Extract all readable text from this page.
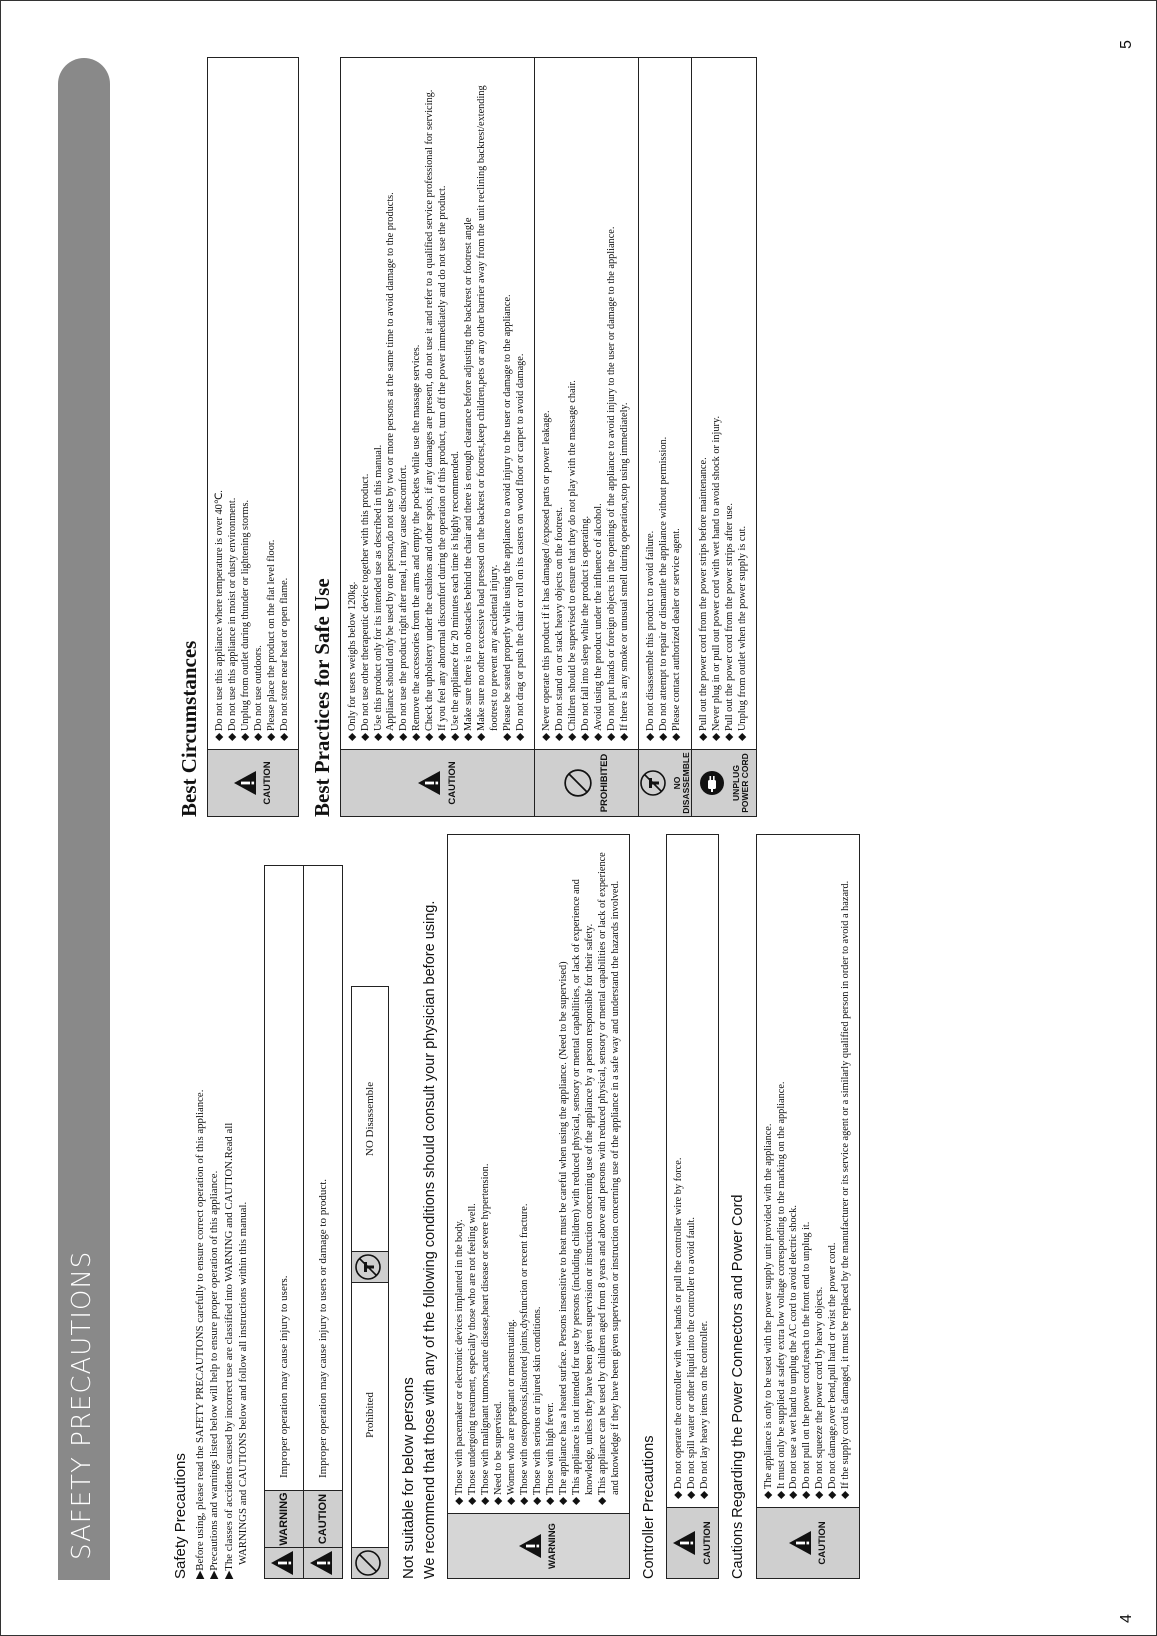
4
5
SAFETY PRECAUTIONS	Safety Precautions ▶Before using, please read the SAFETY PRECAUTIONS carefully to ensure correct operation of this appliance. ▶Precautions and warnings listed below will help to ensure proper operation of this appliance. ▶The classes of accidents caused by incorrect use are classified into WARNING and CAUTION.Read all WARNINGS and CAUTIONS below and follow all instructions within this manual.
		WARNING	Improper operation may cause injury to users.
	CAUTION	Improper operation may cause injury to users or damage to product.
		Prohibited		NO Disassemble
Not suitable for below persons We recommend that those with any of the following conditions should consult your physician before using.	WARNING
◆Those with pacemaker or electronic devices implanted in the body.
◆Those undergoing treatment, especially those who are not feeling well.
◆Those with malignant tumors,acute disease,heart disease or severe hypertension.
◆Need to be supervised.
◆Women who are pregnant or menstruating.
◆Those with osteoporosis,distorted joints,dysfunction or recent fracture.
◆Those with serious or injured skin conditions.
◆Those with high fever.
◆The appliance has a heated surface. Persons insensitive to heat must be careful when using the appliance. (Need to be supervised)
◆This appliance is not intended for use by persons (including children) with reduced physical, sensory or mental capabilities, or lack of experience and knowledge, unless they have been given supervision or instruction concerning use of the appliance by a person responsible for their safety.
◆This appliance can be used by children aged from 8 years and above and persons with reduced physical, sensory or mental capabilities or lack of experience and knowledge if they have been given supervision or instruction concerning use of the appliance in a safe way and understand the hazards involved.
Controller Precautions	CAUTION
◆Do not operate the controller with wet hands or pull the controller wire by force.
◆Do not spill water or other liquid into the controller to avoid fault.
◆Do not lay heavy items on the controller. Cautions Regarding the Power Connectors and Power Cord	CAUTION
◆The appliance is only to be used with the power supply unit provided with the appliance.
◆It must only be supplied at safety extra low voltage corresponding to the marking on the appliance.
◆Do not use a wet hand to unplug the AC cord to avoid electric shock.
◆Do not pull on the power cord,reach to the front end to unplug it.
◆Do not squeeze the power cord by heavy objects.
◆Do not damage,over bend,pull hard or twist the power cord.
◆If the supply cord is damaged, it must be replaced by the manufacturer or its service agent or a similarly qualified person in order to avoid a hazard.
Best Circumstances	CAUTION
◆Do not use this appliance where temperature is over 40℃.
◆Do not use this appliance in moist or dusty environment.
◆Unplug from outlet during thunder or lightening storms.
◆Do not use outdoors.
◆Please place the product on the flat level floor.
◆Do not store near heat or open flame. Best Practices for Safe Use	CAUTION
◆Only for users weighs below 120kg.
◆Do not use other therapeutic device together with this product.
◆Use this product only for its intended use as described in this manual.
◆Appliance should only be used by one person,do not use by two or more persons at the same time to avoid damage to the products.
◆Do not use the product right after meal, it may cause discomfort.
◆Remove the accessories from the arms and empty the pockets while use the massage services.
◆Check the upholstery under the cushions and other spots, if any damages are present, do not use it and refer to a qualified service professional for servicing.
◆If you feel any abnormal discomfort during the operation of this product, turn off the power immediately and do not use the product.
◆Use the appliance for 20 minutes each time is highly recommended.
◆Make sure there is no obstacles behind the chair and there is enough clearance before adjusting the backrest or footrest angle
◆Make sure no other excessive load pressed on the backrest or footrest,keep children,pets or any other barrier away from the unit reclining backrest/extending footrest to prevent any accidental injury.
◆Please be seated properly while using the appliance to avoid injury to the user or damage to the appliance.
◆Do not drag or push the chair or roll on its casters on wood floor or carpet to avoid damage.
PROHIBITED
◆Never operate this product if it has damaged /exposed parts or power leakage.
◆Do not stand on or stack heavy objects on the footrest.
◆Children should be supervised to ensure that they do not play with the massage chair.
◆Do not fall into sleep while the product is operating.
◆Avoid using the product under the influence of alcohol.
◆Do not put hands or foreign objects in the openings of the appliance to avoid injury to the user or damage to the appliance.
◆If there is any smoke or unusual smell during operation,stop using immediately.
NO DISASSEMBLE
◆Do not disassemble this product to avoid failure.
◆Do not attempt to repair or dismantle the appliance without permission.
◆Please contact authorized dealer or service agent.
UNPLUG POWER CORD
◆Pull out the power cord from the power strips before maintenance.
◆Never plug in or pull out power cord with wet hand to avoid shock or injury.
◆Pull out the power cord from the power strips after use.
◆Unplug from outlet when the power supply is cut.
